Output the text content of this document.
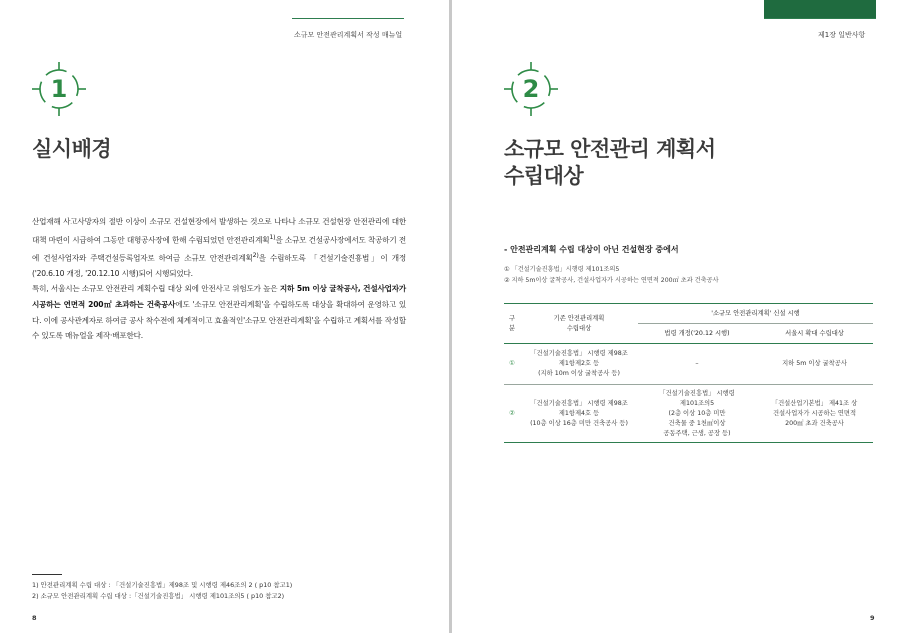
소규모 안전관리계획서 작성 매뉴얼
1
실시배경

산업재해 사고사망자의 절반 이상이 소규모 건설현장에서 발생하는 것으로 나타나 소규모 건설현장 안전관리에 대한 대책 마련이 시급하여 그동안 대형공사장에 한해 수립되었던 안전관리계획$^{1)}$을 소규모 건설공사장에서도 착공하기 전에 건설사업자와 주택건설등록업자로 하여금 소규모 안전관리계획$^{2)}$을 수립하도록 「건설기술진흥법」이 개정('20.6.10 개정, '20.12.10 시행)되어 시행되었다.

특히, 서울시는 소규모 안전관리 계획수립 대상 외에 안전사고 위험도가 높은 지하 5m 이상 굴착공사, 건설사업자가 시공하는 연면적 200㎡ 초과하는 건축공사에도 '소규모 안전관리계획'을 수립하도록 대상을 확대하여 운영하고 있다. 이에 공사관계자로 하여금 공사 착수전에 체계적이고 효율적인'소규모 안전관리계획'을 수립하고 계획서를 작성할 수 있도록 매뉴얼을 제작·배포한다.

1) 안전관리계획 수립 대상 : 「건설기술진흥법」제98조 및 시행령 제46조의 2 ( p10 참고1)
2) 소규모 안전관리계획 수립 대상 :「건설기술진흥법」 시행령 제101조의5 ( p10 참고2)
8
제1장 일반사항
2
소규모 안전관리 계획서
수립대상
- 안전관리계획 수립 대상이 아닌 건설현장 중에서
① 「건설기술진흥법」시행령 제101조의5
② 지하 5m이상 굴착공사, 건설사업자가 시공하는 연면적 200㎡ 초과 건축공사
구
분	기존 안전관리계획
수립대상	'소규모 안전관리계획' 신설 시행	
		법령 개정('20.12 시행)	서울시 확대 수립대상
①	「건설기술진흥법」 시행령 제98조
제1항제2호 등
(지하 10m 이상 굴착공사 등)	–	지하 5m 이상 굴착공사

②	「건설기술진흥법」 시행령 제98조
제1항제4호 등
(10층 이상 16층 미만 건축공사 등)	「건설기술진흥법」 시행령
제101조의5
(2층 이상 10층 미만
건축물 중 1천㎡이상
공동주택, 근생, 공장 등)	「건설산업기본법」 제41조 상
건설사업자가 시공하는 연면적
200㎡ 초과 건축공사
9
